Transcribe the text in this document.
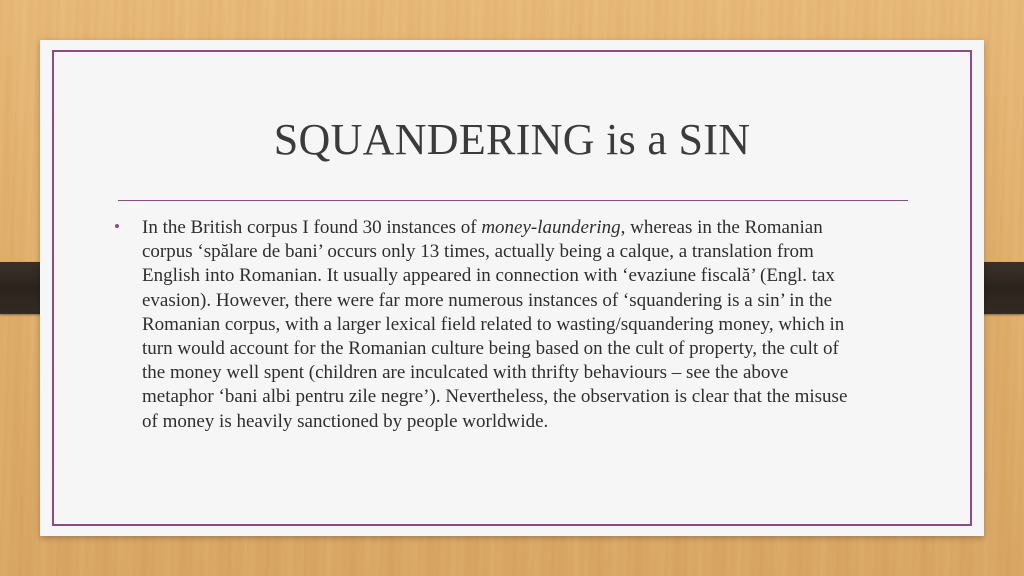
SQUANDERING is a SIN
• In the British corpus I found 30 instances of money-laundering, whereas in the Romanian corpus ‘spălare de bani’ occurs only 13 times, actually being a calque, a translation from English into Romanian. It usually appeared in connection with ‘evaziune fiscală’ (Engl. tax evasion). However, there were far more numerous instances of ‘squandering is a sin’ in the Romanian corpus, with a larger lexical field related to wasting/squandering money, which in turn would account for the Romanian culture being based on the cult of property, the cult of the money well spent (children are inculcated with thrifty behaviours – see the above metaphor ‘bani albi pentru zile negre’). Nevertheless, the observation is clear that the misuse of money is heavily sanctioned by people worldwide.
